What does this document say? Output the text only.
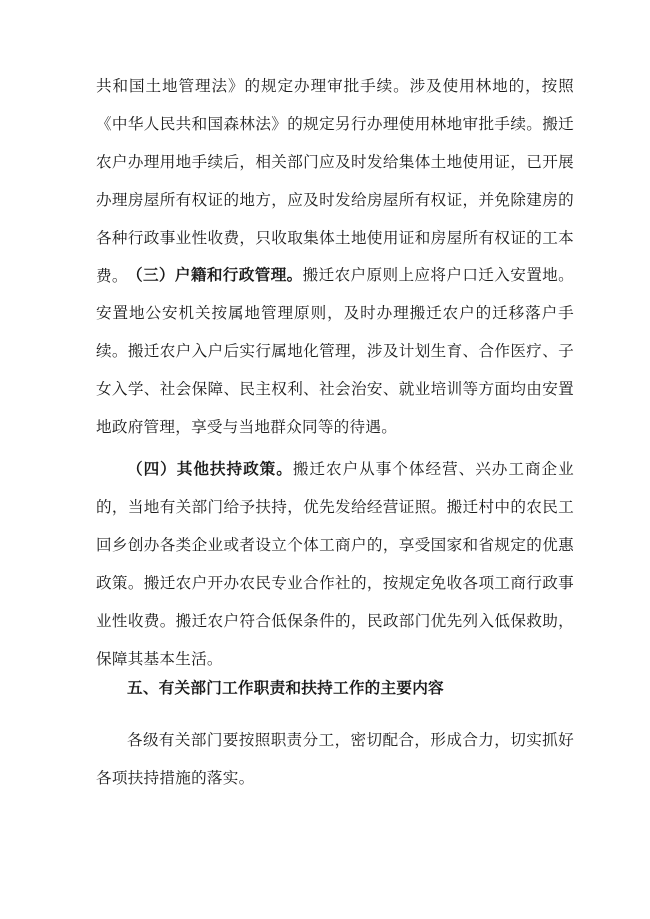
共和国土地管理法》的规定办理审批手续。涉及使用林地的，按照《中华人民共和国森林法》的规定另行办理使用林地审批手续。搬迁农户办理用地手续后，相关部门应及时发给集体土地使用证，已开展办理房屋所有权证的地方，应及时发给房屋所有权证，并免除建房的各种行政事业性收费，只收取集体土地使用证和房屋所有权证的工本费。 （三）户籍和行政管理。搬迁农户原则上应将户口迁入安置地。安置地公安机关按属地管理原则，及时办理搬迁农户的迁移落户手续。搬迁农户入户后实行属地化管理，涉及计划生育、合作医疗、子女入学、社会保障、民主权利、社会治安、就业培训等方面均由安置地政府管理，享受与当地群众同等的待遇。

（四）其他扶持政策。搬迁农户从事个体经营、兴办工商企业的，当地有关部门给予扶持，优先发给经营证照。搬迁村中的农民工回乡创办各类企业或者设立个体工商户的，享受国家和省规定的优惠政策。搬迁农户开办农民专业合作社的，按规定免收各项工商行政事业性收费。搬迁农户符合低保条件的，民政部门优先列入低保救助，保障其基本生活。

五、有关部门工作职责和扶持工作的主要内容

各级有关部门要按照职责分工，密切配合，形成合力，切实抓好各项扶持措施的落实。
